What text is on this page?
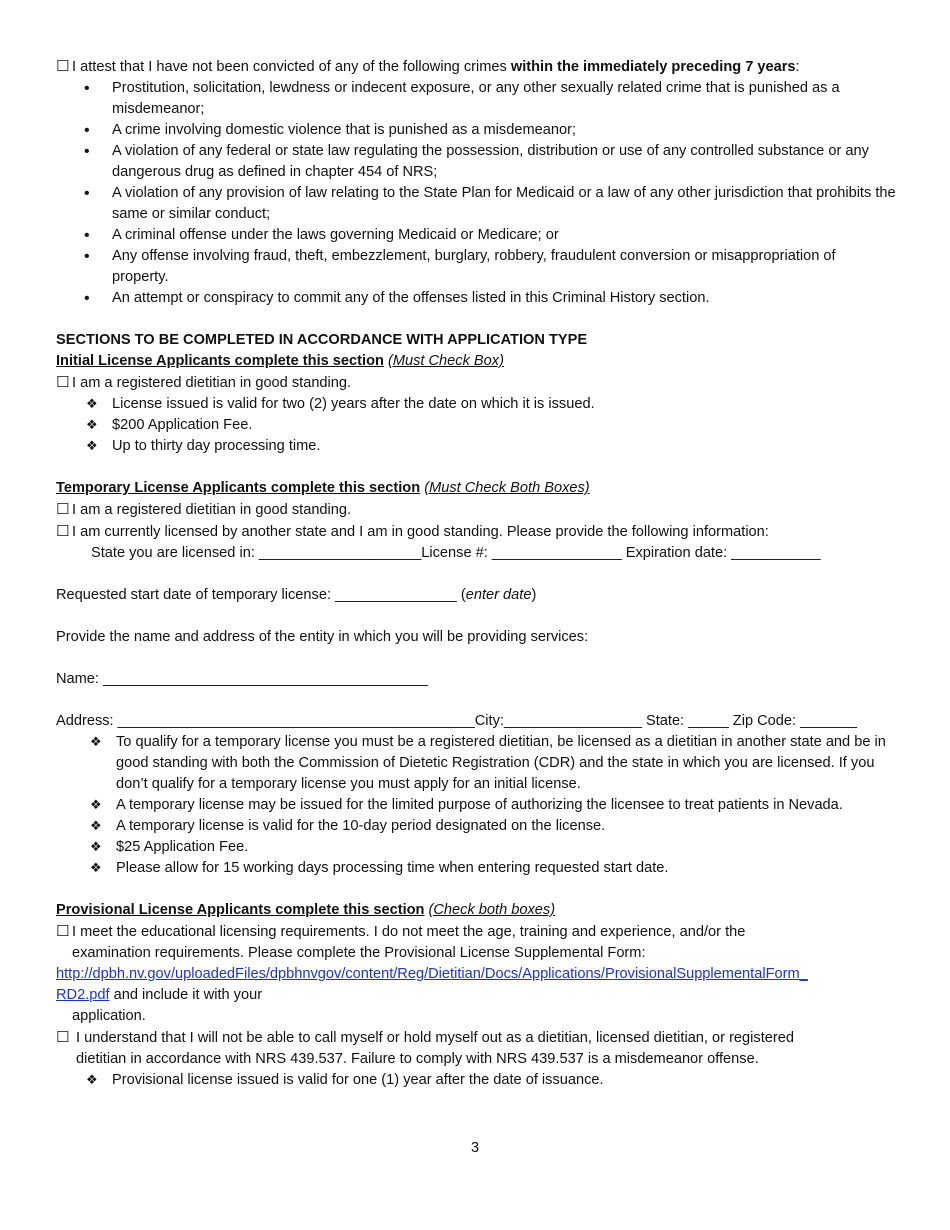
☐ I attest that I have not been convicted of any of the following crimes within the immediately preceding 7 years:

• Prostitution, solicitation, lewdness or indecent exposure, or any other sexually related crime that is punished as a misdemeanor;
• A crime involving domestic violence that is punished as a misdemeanor;
• A violation of any federal or state law regulating the possession, distribution or use of any controlled substance or any dangerous drug as defined in chapter 454 of NRS;
• A violation of any provision of law relating to the State Plan for Medicaid or a law of any other jurisdiction that prohibits the same or similar conduct;
• A criminal offense under the laws governing Medicaid or Medicare; or
• Any offense involving fraud, theft, embezzlement, burglary, robbery, fraudulent conversion or misappropriation of property.
• An attempt or conspiracy to commit any of the offenses listed in this Criminal History section.

SECTIONS TO BE COMPLETED IN ACCORDANCE WITH APPLICATION TYPE

Initial License Applicants complete this section (Must Check Box)

☐ I am a registered dietitian in good standing.

❖ License issued is valid for two (2) years after the date on which it is issued.
❖ $200 Application Fee.
❖ Up to thirty day processing time.

Temporary License Applicants complete this section (Must Check Both Boxes)

☐ I am a registered dietitian in good standing.

☐ I am currently licensed by another state and I am in good standing. Please provide the following information:

State you are licensed in: ____________________License #: ________________ Expiration date: ___________

Requested start date of temporary license: _______________ (enter date)

Provide the name and address of the entity in which you will be providing services:

Name: ________________________________________

Address: ____________________________________________City:_________________ State: _____ Zip Code: _______

❖ To qualify for a temporary license you must be a registered dietitian, be licensed as a dietitian in another state and be in good standing with both the Commission of Dietetic Registration (CDR) and the state in which you are licensed. If you don’t qualify for a temporary license you must apply for an initial license.
❖ A temporary license may be issued for the limited purpose of authorizing the licensee to treat patients in Nevada.
❖ A temporary license is valid for the 10-day period designated on the license.
❖ $25 Application Fee.
❖ Please allow for 15 working days processing time when entering requested start date.

Provisional License Applicants complete this section (Check both boxes)

☐ I meet the educational licensing requirements. I do not meet the age, training and experience, and/or the

examination requirements. Please complete the Provisional License Supplemental Form:

http://dpbh.nv.gov/uploadedFiles/dpbhnvgov/content/Reg/Dietitian/Docs/Applications/ProvisionalSupplementalForm_

RD2.pdf and include it with your

application.

☐ I understand that I will not be able to call myself or hold myself out as a dietitian, licensed dietitian, or registered

dietitian in accordance with NRS 439.537. Failure to comply with NRS 439.537 is a misdemeanor offense.

❖ Provisional license issued is valid for one (1) year after the date of issuance.
3
